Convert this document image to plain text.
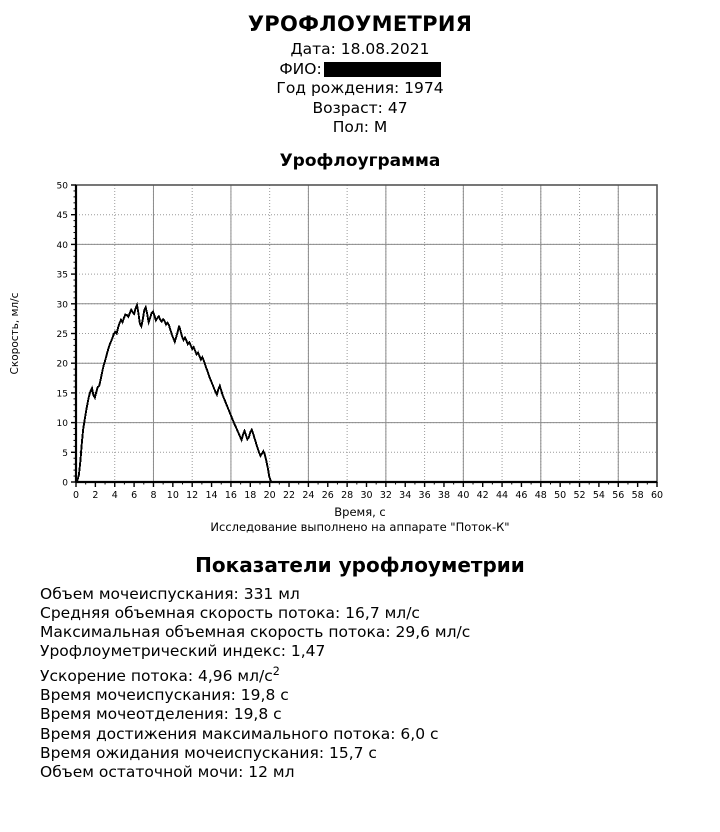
УРОФЛОУМЕТРИЯ
Дата: 18.08.2021
ФИО:
Год рождения: 1974
Возраст: 47
Пол: М
Урофлоуграмма
0
5
10
15
20
25
30
35
40
45
50
0 2 4 6 8 10 12 14 16 18 20 22 24 26 28 30 32 34 36 38 40 42 44 46 48 50 52 54 56 58 60
Скорость, мл/с
Время, с
Исследование выполнено на аппарате "Поток-К"
Показатели урофлоуметрии
Объем мочеиспускания: 331 мл
Средняя объемная скорость потока: 16,7 мл/с
Максимальная объемная скорость потока: 29,6 мл/с
Урофлоуметрический индекс: 1,47
Ускорение потока: 4,96 $мл/с^2$
Время мочеиспускания: 19,8 с
Время мочеотделения: 19,8 с
Время достижения максимального потока: 6,0 с
Время ожидания мочеиспускания: 15,7 с
Объем остаточной мочи: 12 мл
